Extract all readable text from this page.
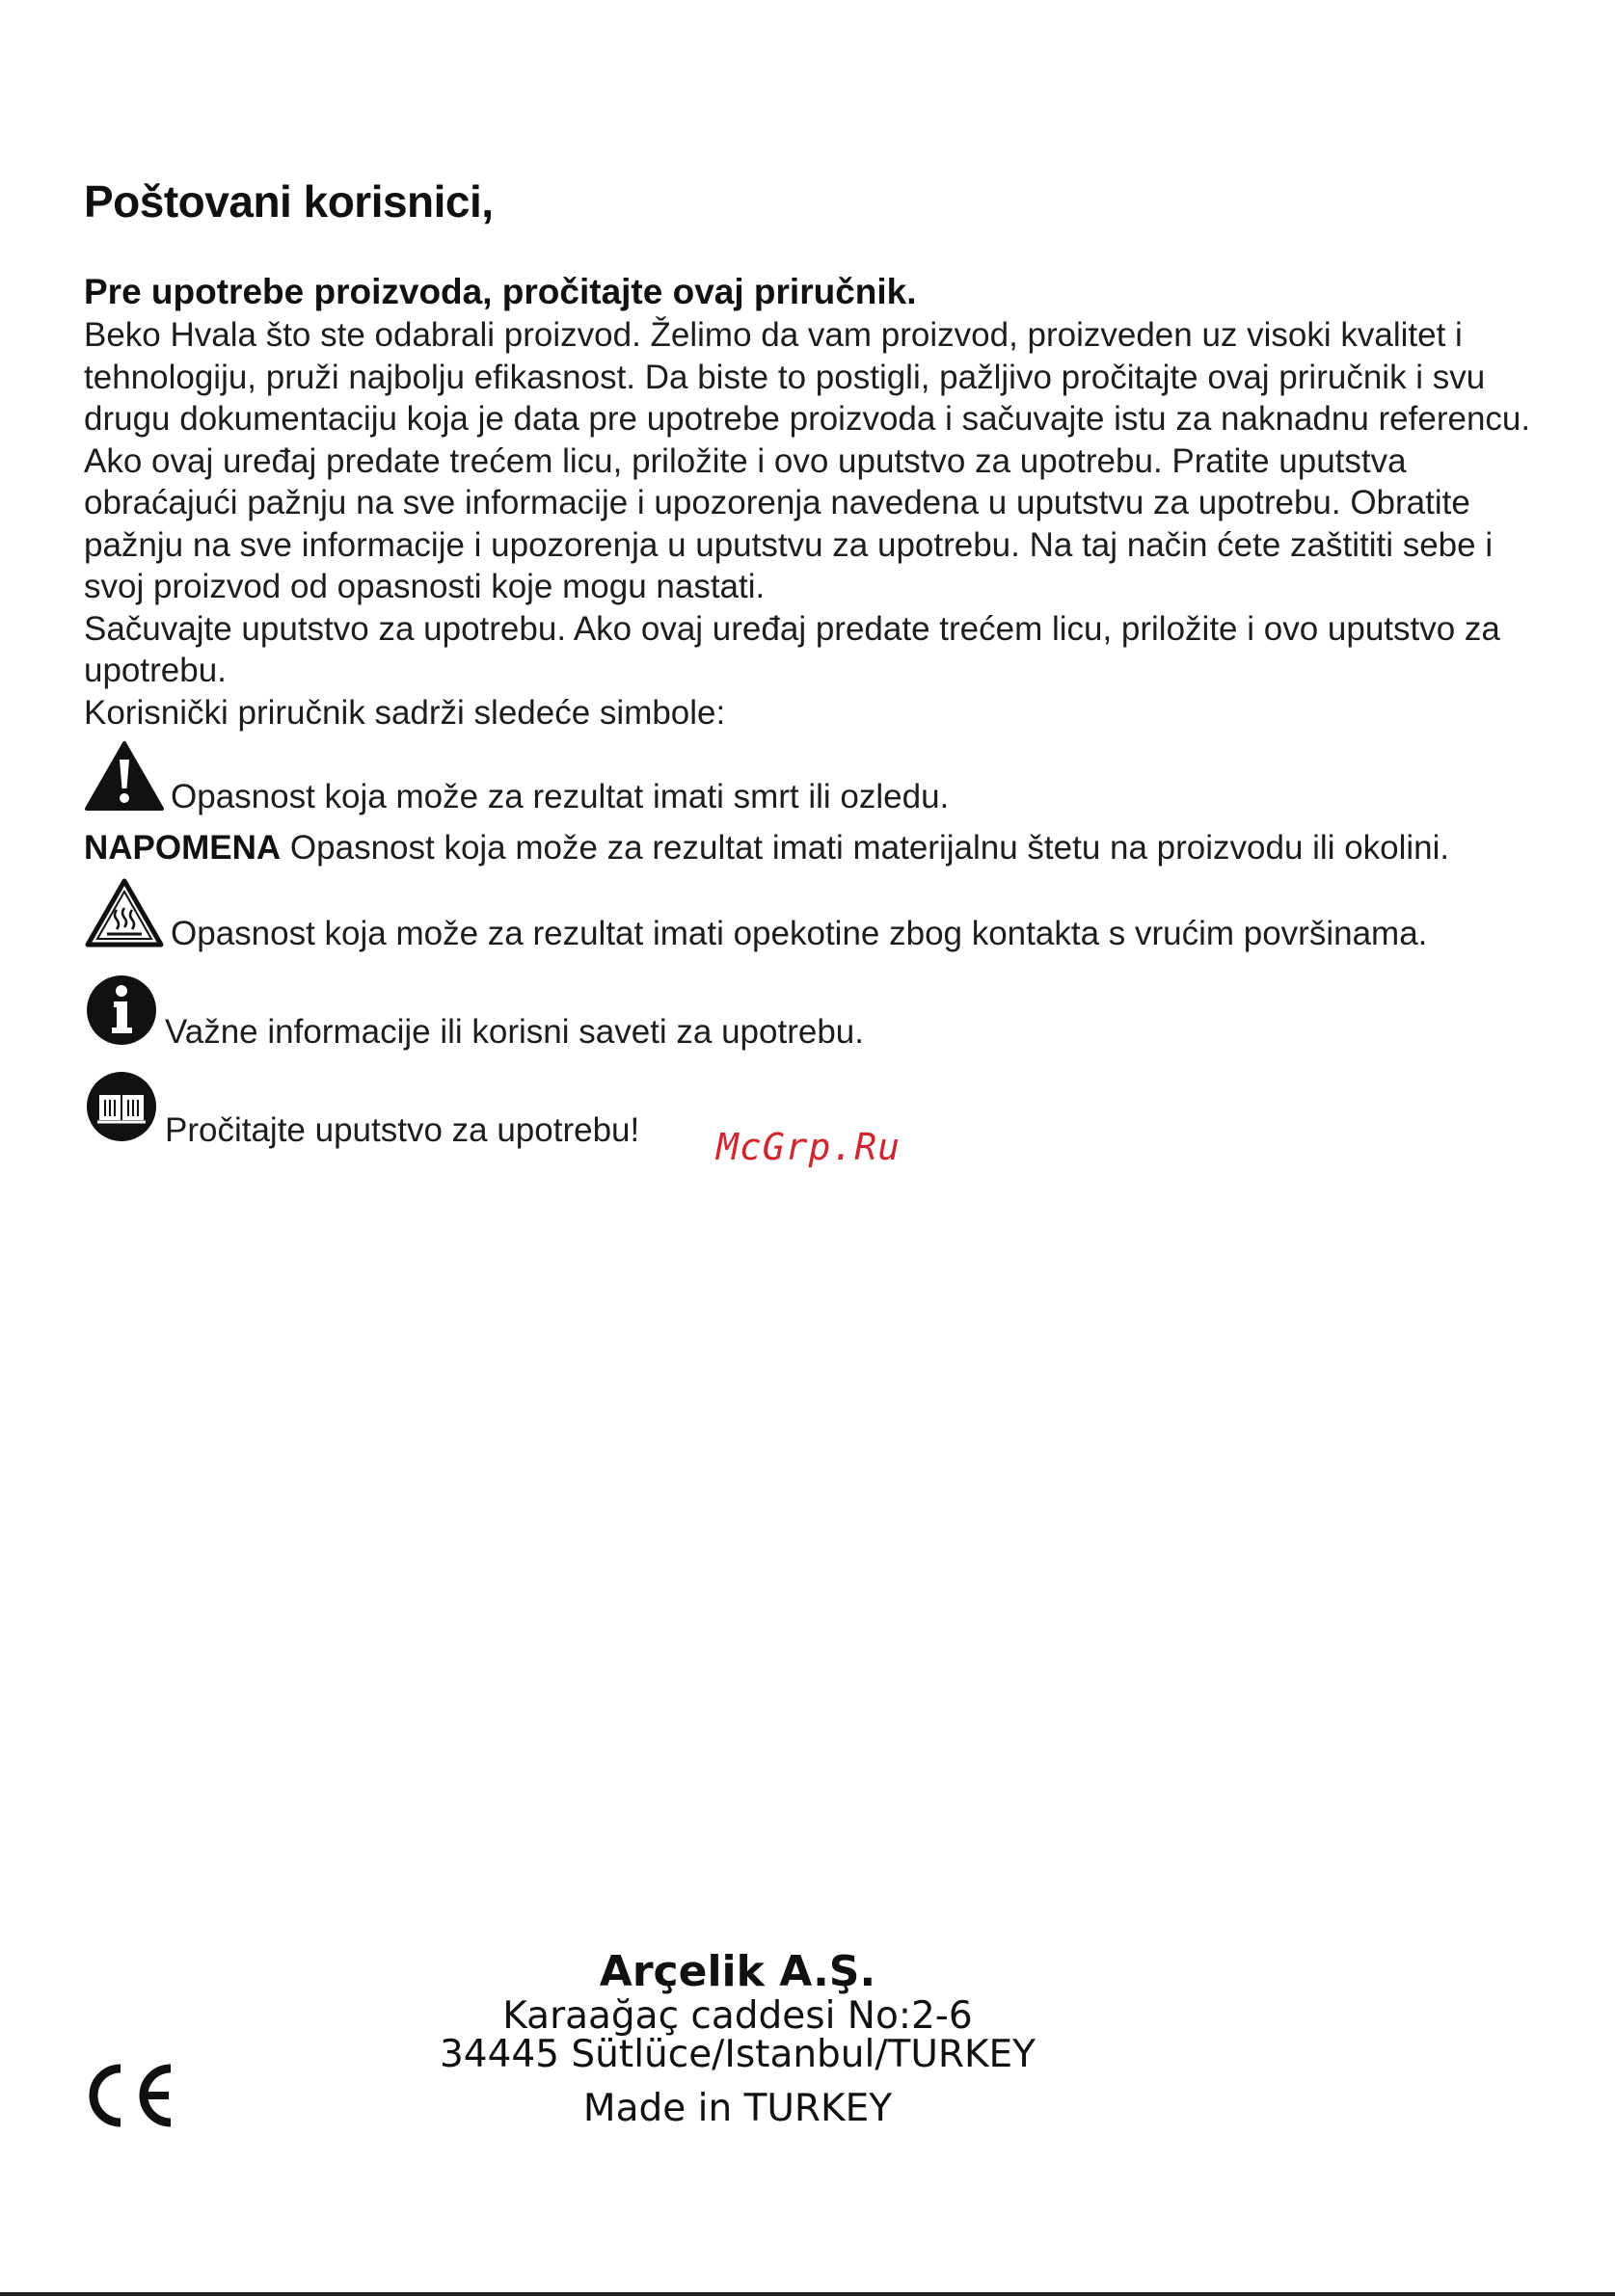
Poštovani korisnici,
Pre upotrebe proizvoda, pročitajte ovaj priručnik.

Beko Hvala što ste odabrali proizvod. Želimo da vam proizvod, proizveden uz visoki kvalitet i tehnologiju, pruži najbolju efikasnost. Da biste to postigli, pažljivo pročitajte ovaj priručnik i svu drugu dokumentaciju koja je data pre upotrebe proizvoda i sačuvajte istu za naknadnu referencu. Ako ovaj uređaj predate trećem licu, priložite i ovo uputstvo za upotrebu. Pratite uputstva obraćajući pažnju na sve informacije i upozorenja navedena u uputstvu za upotrebu. Obratite pažnju na sve informacije i upozorenja u uputstvu za upotrebu. Na taj način ćete zaštititi sebe i svoj proizvod od opasnosti koje mogu nastati.

Sačuvajte uputstvo za upotrebu. Ako ovaj uređaj predate trećem licu, priložite i ovo uputstvo za upotrebu.

Korisnički priručnik sadrži sledeće simbole:

Opasnost koja može za rezultat imati smrt ili ozledu.
NAPOMENA Opasnost koja može za rezultat imati materijalnu štetu na proizvodu ili okolini.
Opasnost koja može za rezultat imati opekotine zbog kontakta s vrućim površinama.
Važne informacije ili korisni saveti za upotrebu.
Pročitajte uputstvo za upotrebu! McGrp.Ru
Arçelik A.Ş.
Karaağaç caddesi No:2-6
34445 Sütlüce/Istanbul/TURKEY
Made in TURKEY
